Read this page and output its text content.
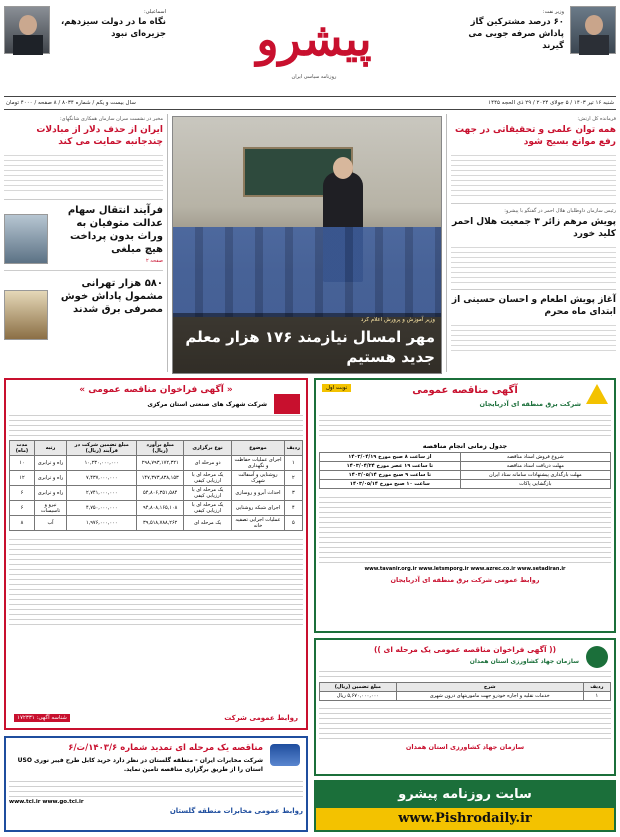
وزیر نفت:
۶۰ درصد مشترکین گاز پاداش صرفه جویی می گیرند
پیشرو
روزنامه سیاسی ایران
اسماعیلی:
نگاه ما در دولت سیزدهم، جزیره‌ای نبود
شنبه ۱۶ تیر ۱۴۰۳ / ۵ جولای ۲۰۲۴ / ۲۹ ذی الحجه ۱۴۴۵
سال بیست و یکم / شماره ۸۰۳۴ / ۸ صفحه / ۴۰۰۰ تومان
فرمانده کل ارتش:
همه توان علمی و تحقیقاتی در جهت رفع موانع بسیج شود
رئیس سازمان داوطلبان هلال احمر در گفتگو با پیشرو:
پویش مرهم زائر ۳ جمعیت هلال احمر کلید خورد
آغاز پویش اطعام و احسان حسینی از ابتدای ماه محرم
وزیر آموزش و پرورش اعلام کرد
مهر امسال نیازمند ۱۷۶ هزار معلم جدید هستیم
مخبر در نشست سران سازمان همکاری شانگهای:
ایران از حذف دلار از مبادلات چندجانبه حمایت می کند
فرآیند انتقال سهام عدالت متوفیان به وراث بدون پرداخت هیچ مبلغی
صفحه ۲
۵۸۰ هزار تهرانی مشمول پاداش خوش مصرفی برق شدند
نوبت اول	آگهی مناقصه عمومی
شرکت برق منطقه ای آذربایجان
جدول زمانی انجام مناقصه
شروع فروش اسناد مناقصه	از ساعت ۸ صبح مورخ ۱۴۰۳/۰۴/۱۹
مهلت دریافت اسناد مناقصه	تا ساعت ۱۹ عصر مورخ ۱۴۰۳/۰۴/۲۴
مهلت بارگذاری پیشنهادات سامانه ستاد ایران	تا ساعت ۹ صبح مورخ ۱۴۰۳/۰۵/۱۴
بازگشایی پاکات	ساعت ۱۰ صبح مورخ ۱۴۰۳/۰۵/۱۴
www.tavanir.org.ir www.letsmporg.ir www.azrec.co.ir www.setadiran.ir
روابط عمومی شرکت برق منطقه ای آذربایجان
« آگهی فراخوان مناقصه عمومی »
شرکت شهرک های صنعتی استان مرکزی
ردیف	موضوع	نوع برگزاری	مبلغ برآورد (ریال)	مبلغ تضمین شرکت در فرآیند (ریال)	رتبه	مدت (ماه)
۱	اجرای عملیات حفاظت و نگهداری	دو مرحله ای	۲۹۸,۷۹۳,۱۷۲,۳۲۱	۱۰,۲۳۰,۰۰۰,۰۰۰	راه و ترابری	۱۰
۲	روشنایی و آسفالت شهرک	یک مرحله ای با ارزیابی کیفی	۱۴۷,۳۷۳,۸۳۸,۱۵۳	۷,۴۳۷,۰۰۰,۰۰۰	راه و ترابری	۱۲
۳	احداث آبرو و روسازی	یک مرحله ای با ارزیابی کیفی	۵۴,۸۰۶,۳۵۱,۵۸۴	۲,۷۴۱,۰۰۰,۰۰۰	راه و ترابری	۶
۴	اجرای شبکه روشنایی	یک مرحله ای با ارزیابی کیفی	۹۴,۸۰۸,۱۶۵,۱۰۸	۴,۷۵۰,۰۰۰,۰۰۰	نیرو و تاسیسات	۶
۵	عملیات اجرایی تصفیه خانه	یک مرحله ای	۳۹,۵۱۸,۷۸۸,۲۶۲	۱,۹۷۶,۰۰۰,۰۰۰	آب	۸
روابط عمومی شرکت
شناسه آگهی: ۱۷۲۳۳۱
مناقصه یک مرحله ای تمدید شماره ۱۴۰۳/۶/ت/۶
شرکت مخابرات ایران - منطقه گلستان در نظر دارد خرید کابل طرح فیبر نوری USO استان را از طریق برگزاری مناقصه تامین نماید.
www.tci.ir www.go.tci.ir
روابط عمومی مخابرات منطقه گلستان
(( آگهی فراخوان مناقصه عمومی یک مرحله ای ))
سازمان جهاد کشاورزی استان همدان
ردیف	شرح	مبلغ تضمین (ریال)
۱	خدمات نقلیه و اجاره خودرو جهت ماموریتهای درون شهری	۵,۶۷۰,۰۰۰,۰۰۰ ریال
سازمان جهاد کشاورزی استان همدان
سایت روزنامه پیشرو
www.Pishrodaily.ir
